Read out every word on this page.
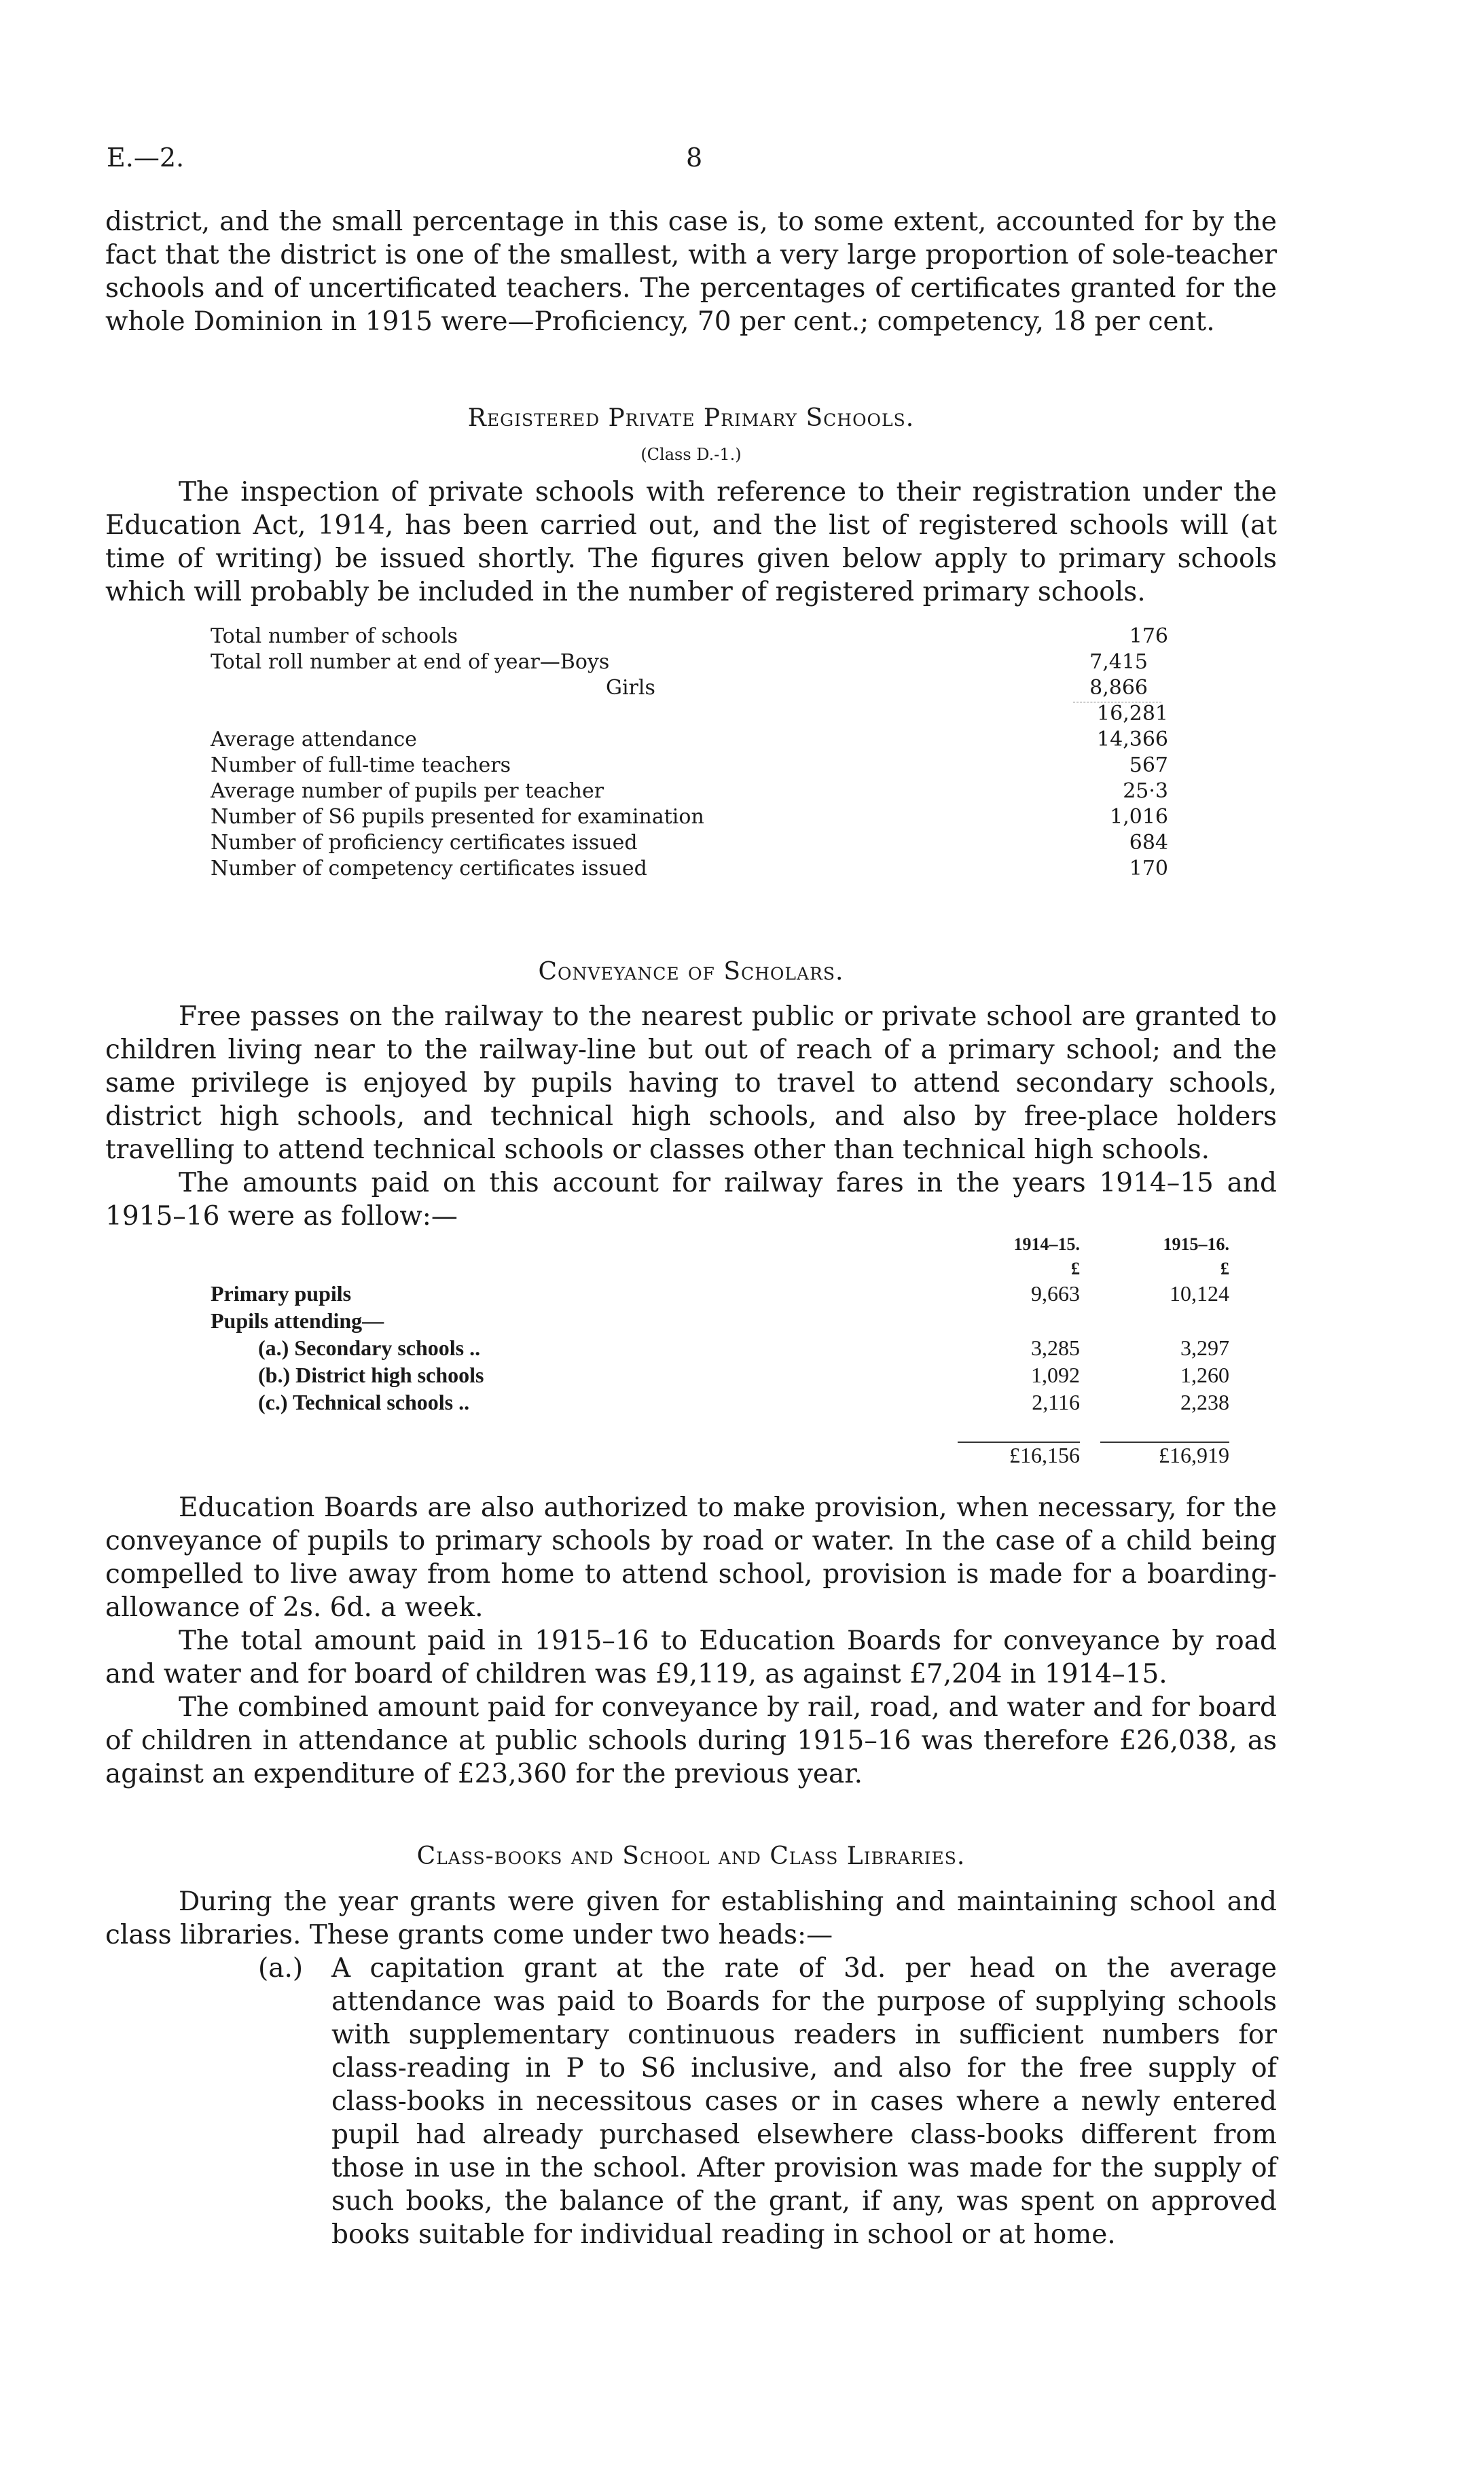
E.—2.	8

district, and the small percentage in this case is, to some extent, accounted for by the fact that the district is one of the smallest, with a very large proportion of sole-teacher schools and of uncertificated teachers. The percentages of certificates granted for the whole Dominion in 1915 were—Proficiency, 70 per cent.; competency, 18 per cent.

Registered Private Primary Schools.
(Class D.-1.)

The inspection of private schools with reference to their registration under the Education Act, 1914, has been carried out, and the list of registered schools will (at time of writing) be issued shortly. The figures given below apply to primary schools which will probably be included in the number of registered primary schools.

Total number of schools	176
Total roll number at end of year—Boys	7,415
Girls	8,866
16,281
Average attendance	14,366
Number of full-time teachers	567
Average number of pupils per teacher	25·3
Number of S6 pupils presented for examination	1,016
Number of proficiency certificates issued	684
Number of competency certificates issued	170
Conveyance of Scholars.

Free passes on the railway to the nearest public or private school are granted to children living near to the railway-line but out of reach of a primary school; and the same privilege is enjoyed by pupils having to travel to attend secondary schools, district high schools, and technical high schools, and also by free-place holders travelling to attend technical schools or classes other than technical high schools.

The amounts paid on this account for railway fares in the years 1914–15 and 1915–16 were as follow:—

1914–15.	1915–16.
£	£
Primary pupils	9,663	10,124
Pupils attending—
(a.) Secondary schools ..	3,285	3,297
(b.) District high schools	1,092	1,260
(c.) Technical schools ..	2,116	2,238
£16,156	£16,919

Education Boards are also authorized to make provision, when necessary, for the conveyance of pupils to primary schools by road or water. In the case of a child being compelled to live away from home to attend school, provision is made for a boarding-allowance of 2s. 6d. a week.

The total amount paid in 1915–16 to Education Boards for conveyance by road and water and for board of children was £9,119, as against £7,204 in 1914–15.

The combined amount paid for conveyance by rail, road, and water and for board of children in attendance at public schools during 1915–16 was therefore £26,038, as against an expenditure of £23,360 for the previous year.

Class-books and School and Class Libraries.

During the year grants were given for establishing and maintaining school and class libraries. These grants come under two heads:—

(a.) A capitation grant at the rate of 3d. per head on the average attendance was paid to Boards for the purpose of supplying schools with supplementary continuous readers in sufficient numbers for class-reading in P to S6 inclusive, and also for the free supply of class-books in necessitous cases or in cases where a newly entered pupil had already purchased elsewhere class-books different from those in use in the school. After provision was made for the supply of such books, the balance of the grant, if any, was spent on approved books suitable for individual reading in school or at home.
